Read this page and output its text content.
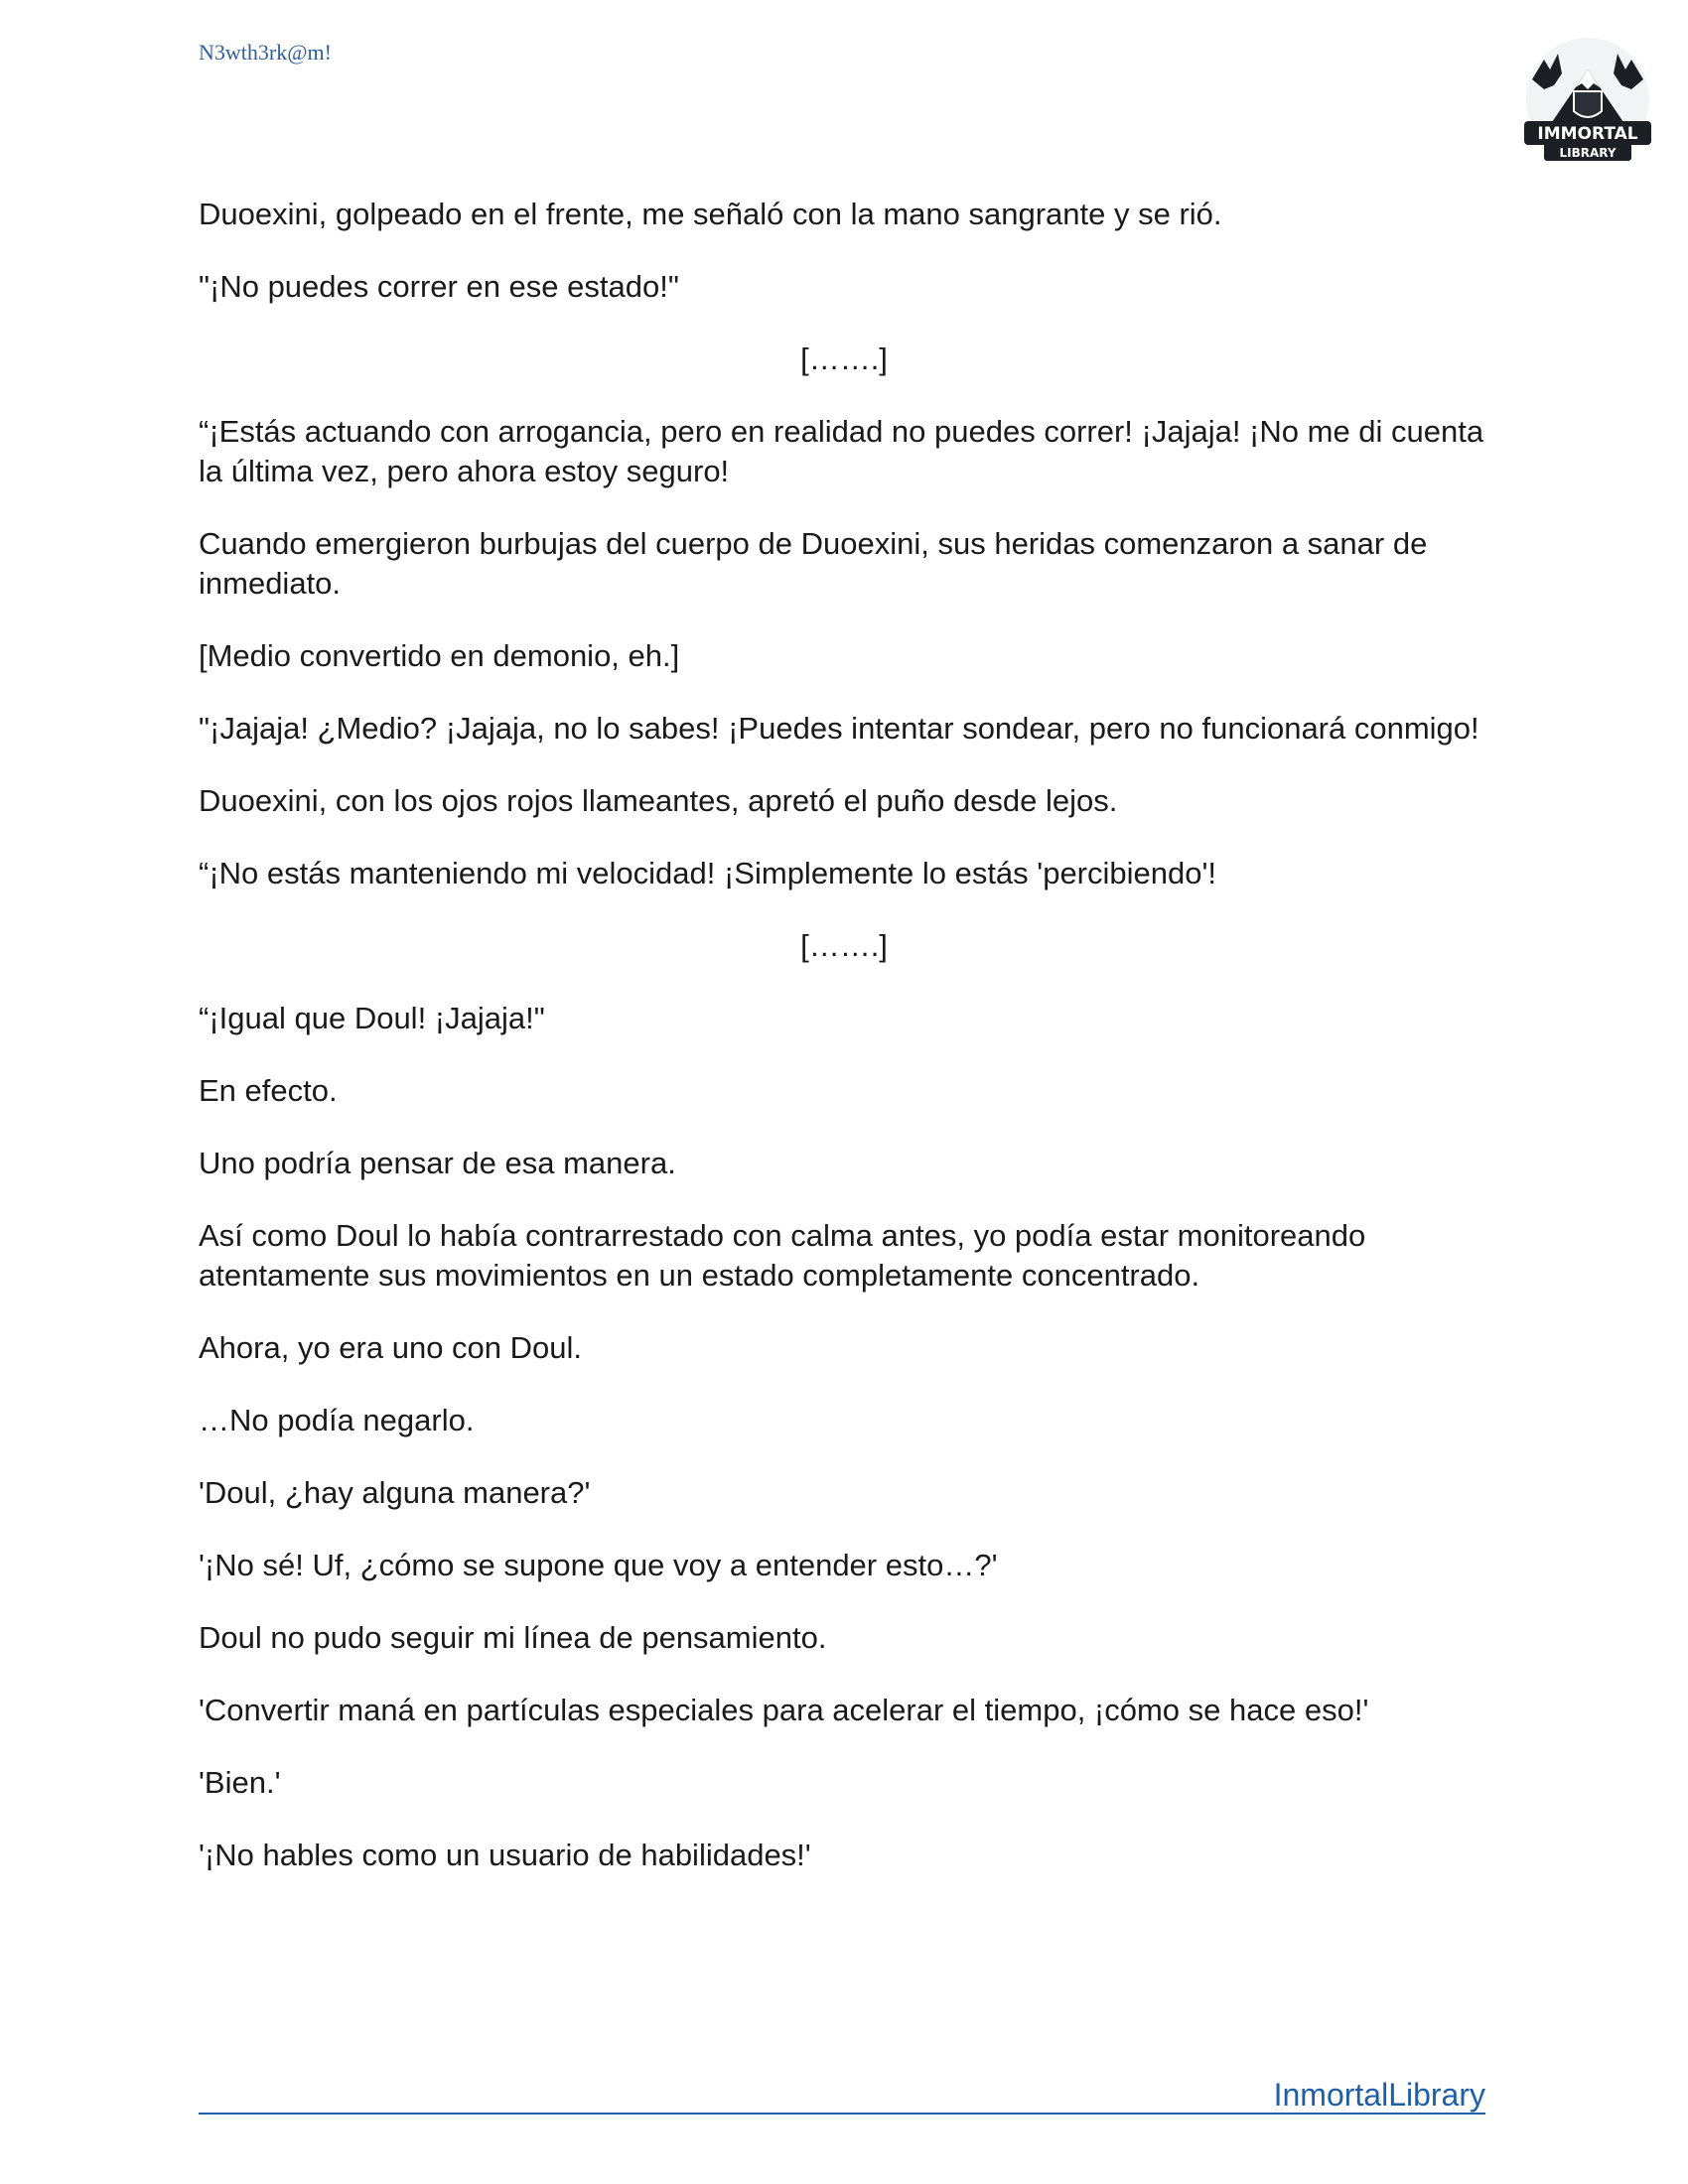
N3wth3rk@m!
IMMORTAL
LIBRARY

Duoexini, golpeado en el frente, me señaló con la mano sangrante y se rió.

"¡No puedes correr en ese estado!"

[…….]

“¡Estás actuando con arrogancia, pero en realidad no puedes correr! ¡Jajaja! ¡No me di cuenta la última vez, pero ahora estoy seguro!

Cuando emergieron burbujas del cuerpo de Duoexini, sus heridas comenzaron a sanar de inmediato.

[Medio convertido en demonio, eh.]

"¡Jajaja! ¿Medio? ¡Jajaja, no lo sabes! ¡Puedes intentar sondear, pero no funcionará conmigo!

Duoexini, con los ojos rojos llameantes, apretó el puño desde lejos.

“¡No estás manteniendo mi velocidad! ¡Simplemente lo estás 'percibiendo'!

[…….]

“¡Igual que Doul! ¡Jajaja!"

En efecto.

Uno podría pensar de esa manera.

Así como Doul lo había contrarrestado con calma antes, yo podía estar monitoreando atentamente sus movimientos en un estado completamente concentrado.

Ahora, yo era uno con Doul.

…No podía negarlo.

'Doul, ¿hay alguna manera?'

'¡No sé! Uf, ¿cómo se supone que voy a entender esto…?'

Doul no pudo seguir mi línea de pensamiento.

'Convertir maná en partículas especiales para acelerar el tiempo, ¡cómo se hace eso!'

'Bien.'

'¡No hables como un usuario de habilidades!'

InmortalLibrary
